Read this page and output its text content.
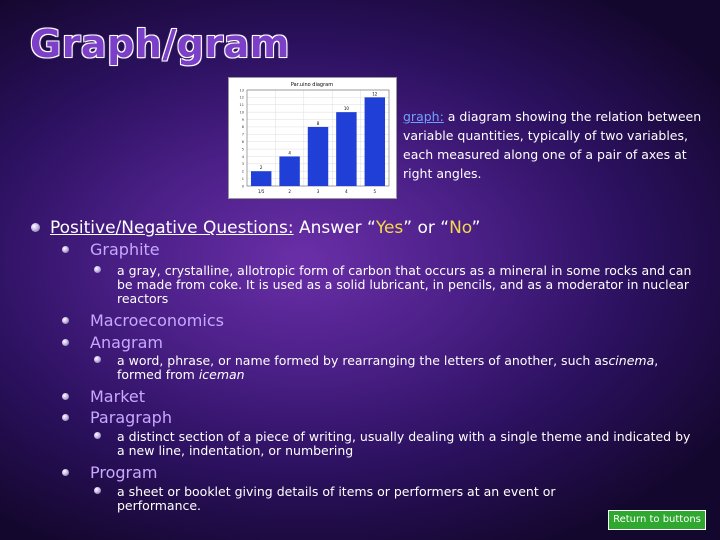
Graph/gram
Par.uino diagram
2
1/5
4
2
8
3
10
4
12
5
0
1
2
3
4
5
6
7
8
9
10
11
12
13
graph: a diagram showing the relation between variable quantities, typically of two variables, each measured along one of a pair of axes at right angles.
Positive/Negative Questions: Answer “Yes” or “No”
Graphite
a gray, crystalline, allotropic form of carbon that occurs as a mineral in some rocks and can be made from coke. It is used as a solid lubricant, in pencils, and as a moderator in nuclear reactors
Macroeconomics
Anagram
a word, phrase, or name formed by rearranging the letters of another, such ascinema, formed from iceman
Market
Paragraph
a distinct section of a piece of writing, usually dealing with a single theme and indicated by a new line, indentation, or numbering
Program
a sheet or booklet giving details of items or performers at an event or performance.
Return to buttons
